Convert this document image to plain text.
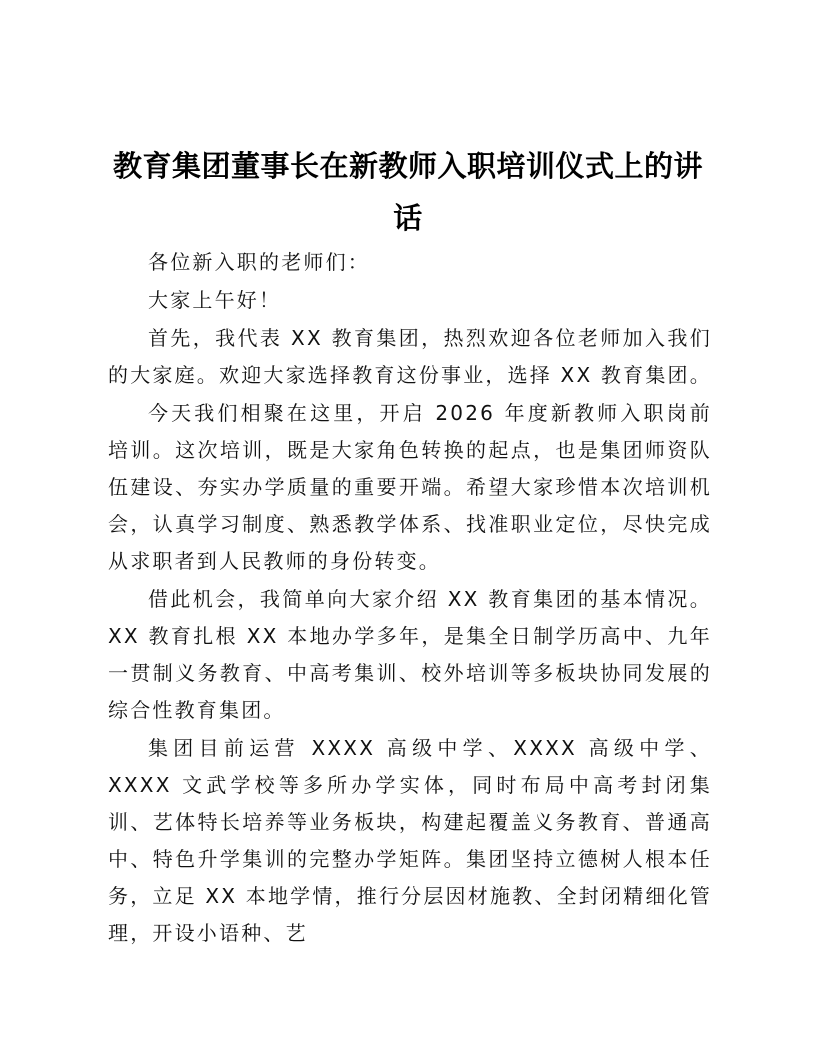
教育集团董事长在新教师入职培训仪式上的讲话

各位新入职的老师们：

大家上午好！

首先，我代表 XX 教育集团，热烈欢迎各位老师加入我们的大家庭。欢迎大家选择教育这份事业，选择 XX 教育集团。

今天我们相聚在这里，开启 2026 年度新教师入职岗前培训。这次培训，既是大家角色转换的起点，也是集团师资队伍建设、夯实办学质量的重要开端。希望大家珍惜本次培训机会，认真学习制度、熟悉教学体系、找准职业定位，尽快完成从求职者到人民教师的身份转变。

借此机会，我简单向大家介绍 XX 教育集团的基本情况。XX 教育扎根 XX 本地办学多年，是集全日制学历高中、九年一贯制义务教育、中高考集训、校外培训等多板块协同发展的综合性教育集团。

集团目前运营 XXXX 高级中学、XXXX 高级中学、XXXX 文武学校等多所办学实体，同时布局中高考封闭集训、艺体特长培养等业务板块，构建起覆盖义务教育、普通高中、特色升学集训的完整办学矩阵。集团坚持立德树人根本任务，立足 XX 本地学情，推行分层因材施教、全封闭精细化管理，开设小语种、艺
